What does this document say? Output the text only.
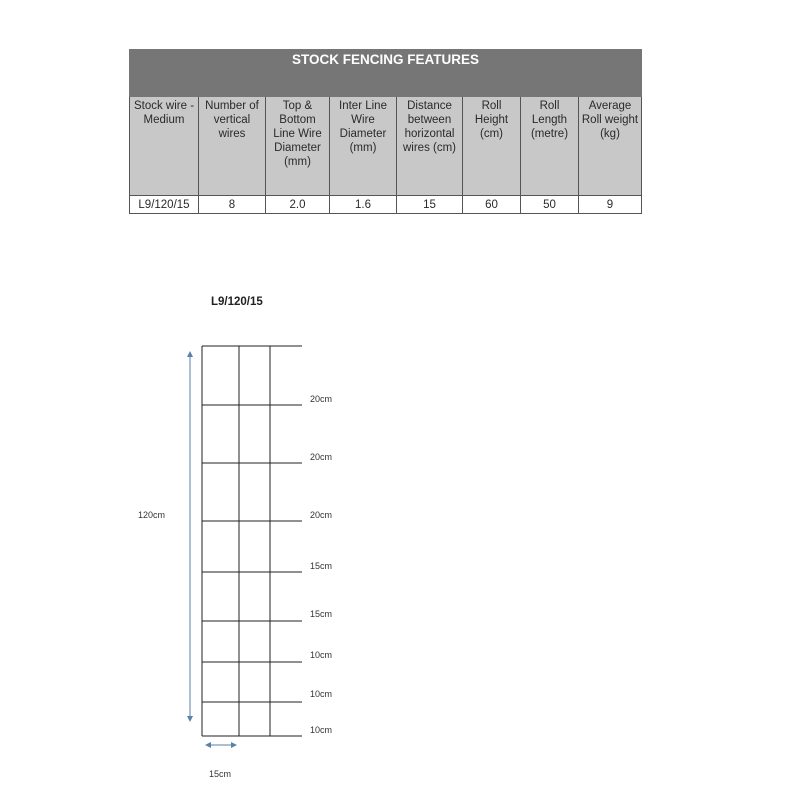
STOCK FENCING FEATURES							
Stock wire - Medium	Number of vertical wires	Top & Bottom Line Wire Diameter (mm)	Inter Line Wire Diameter (mm)	Distance between horizontal wires (cm)	Roll Height (cm)	Roll Length (metre)	Average Roll weight (kg)
L9/120/15	8	2.0	1.6	15	60	50	9
L9/120/15
120cm
15cm
20cm
20cm
20cm
15cm
15cm
10cm
10cm
10cm
